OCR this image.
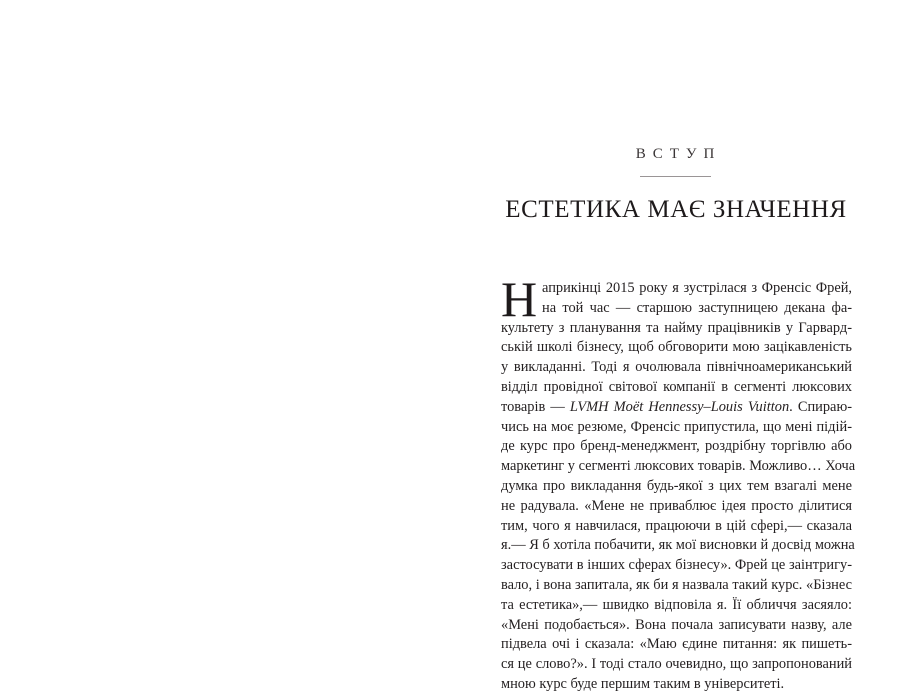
ВСТУП
ЕСТЕТИКА МАЄ ЗНАЧЕННЯ
Н априкінці 2015 року я зустрілася з Френсіс Фрей,
на той час — старшою заступницею декана фа-
культету з планування та найму працівників у Гарвард-
ській школі бізнесу, щоб обговорити мою зацікавленість
у викладанні. Тоді я очолювала північноамериканський
відділ провідної світової компанії в сегменті люксових
товарів — LVMH Moët Hennessy–Louis Vuitton. Спираю-
чись на моє резюме, Френсіс припустила, що мені підій-
де курс про бренд-менеджмент, роздрібну торгівлю або
маркетинг у сегменті люксових товарів. Можливо… Хоча
думка про викладання будь-якої з цих тем взагалі мене
не радувала. «Мене не приваблює ідея просто ділитися
тим, чого я навчилася, працюючи в цій сфері,— сказала
я.— Я б хотіла побачити, як мої висновки й досвід можна
застосувати в інших сферах бізнесу». Фрей це заінтригу-
вало, і вона запитала, як би я назвала такий курс. «Бізнес
та естетика»,— швидко відповіла я. Її обличчя засяяло:
«Мені подобається». Вона почала записувати назву, але
підвела очі і сказала: «Маю єдине питання: як пишеть-
ся це слово?». І тоді стало очевидно, що запропонований
мною курс буде першим таким в університеті.
